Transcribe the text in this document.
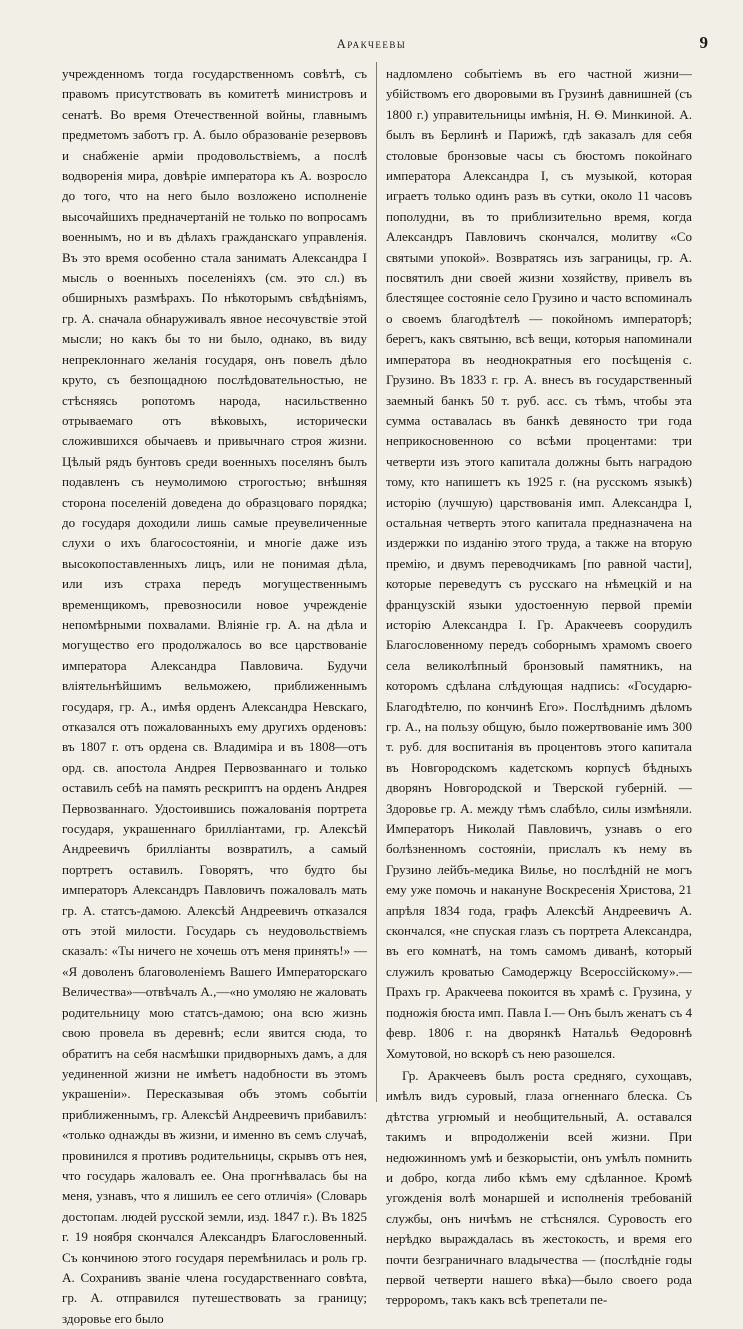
Аракчеевы	9

учрежденномъ тогда государственномъ совѣтѣ, съ правомъ присутствовать въ комитетѣ министровъ и сенатѣ. Во время Отечественной войны, главнымъ предметомъ заботъ гр. А. было образованіе резервовъ и снабженіе арміи продовольствіемъ, а послѣ водворенія мира, довѣріе императора къ А. возросло до того, что на него было возложено исполненіе высочайшихъ предначертаній не только по вопросамъ военнымъ, но и въ дѣлахъ гражданскаго управленія. Въ это время особенно стала занимать Александра I мысль о военныхъ поселеніяхъ (см. это сл.) въ обширныхъ размѣрахъ. По нѣкоторымъ свѣдѣніямъ, гр. А. сначала обнаруживалъ явное несочувствіе этой мысли; но какъ бы то ни было, однако, въ виду непреклоннаго желанія государя, онъ повелъ дѣло круто, съ безпощадною послѣдовательностью, не стѣсняясь ропотомъ народа, насильственно отрываемаго отъ вѣковыхъ, исторически сложившихся обычаевъ и привычнаго строя жизни. Цѣлый рядъ бунтовъ среди военныхъ поселянъ былъ подавленъ съ неумолимою строгостью; внѣшняя сторона поселеній доведена до образцоваго порядка; до государя доходили лишь самые преувеличенные слухи о ихъ благосостояніи, и многіе даже изъ высокопоставленныхъ лицъ, или не понимая дѣла, или изъ страха передъ могущественнымъ временщикомъ, превозносили новое учрежденіе непомѣрными похвалами. Вліяніе гр. А. на дѣла и могущество его продолжалось во все царствованіе императора Александра Павловича. Будучи вліятельнѣйшимъ вельможею, приближеннымъ государя, гр. А., имѣя орденъ Александра Невскаго, отказался отъ пожалованныхъ ему другихъ орденовъ: въ 1807 г. отъ ордена св. Владиміра и въ 1808—отъ орд. св. апостола Андрея Первозваннаго и только оставилъ себѣ на память рескриптъ на орденъ Андрея Первозваннаго. Удостоившись пожалованія портрета государя, украшеннаго брилліантами, гр. Алексѣй Андреевичъ брилліанты возвратилъ, а самый портретъ оставилъ. Говорятъ, что будто бы императоръ Александръ Павловичъ пожаловалъ мать гр. А. статсъ-дамою. Алексѣй Андреевичъ отказался отъ этой милости. Государь съ неудовольствіемъ сказалъ: «Ты ничего не хочешь отъ меня принять!» — «Я доволенъ благоволеніемъ Вашего Императорскаго Величества»—отвѣчалъ А.,—«но умоляю не жаловать родительницу мою статсъ-дамою; она всю жизнь свою провела въ деревнѣ; если явится сюда, то обратитъ на себя насмѣшки придворныхъ дамъ, а для уединенной жизни не имѣетъ надобности въ этомъ украшеніи». Пересказывая объ этомъ событіи приближеннымъ, гр. Алексѣй Андреевичъ прибавилъ: «только однажды въ жизни, и именно въ семъ случаѣ, провинился я противъ родительницы, скрывъ отъ нея, что государь жаловалъ ее. Она прогнѣвалась бы на меня, узнавъ, что я лишилъ ее сего отличія» (Словарь достопам. людей русской земли, изд. 1847 г.). Въ 1825 г. 19 ноября скончался Александръ Благословенный. Съ кончиною этого государя перемѣнилась и роль гр. А. Сохранивъ званіе члена государственнаго совѣта, гр. А. отправился путешествовать за границу; здоровье его было

надломлено событіемъ въ его частной жизни—убійствомъ его дворовыми въ Грузинѣ давнишней (съ 1800 г.) управительницы имѣнія, Н. Ѳ. Минкиной. А. былъ въ Берлинѣ и Парижѣ, гдѣ заказалъ для себя столовые бронзовые часы съ бюстомъ покойнаго императора Александра I, съ музыкой, которая играетъ только одинъ разъ въ сутки, около 11 часовъ пополудни, въ то приблизительно время, когда Александръ Павловичъ скончался, молитву «Со святыми упокой». Возвратясь изъ заграницы, гр. А. посвятилъ дни своей жизни хозяйству, привелъ въ блестящее состояніе село Грузино и часто вспоминалъ о своемъ благодѣтелѣ — покойномъ императорѣ; берегъ, какъ святыню, всѣ вещи, которыя напоминали императора въ неоднократныя его посѣщенія с. Грузино. Въ 1833 г. гр. А. внесъ въ государственный заемный банкъ 50 т. руб. асс. съ тѣмъ, чтобы эта сумма оставалась въ банкѣ девяносто три года неприкосновенною со всѣми процентами: три четверти изъ этого капитала должны быть наградою тому, кто напишетъ къ 1925 г. (на русскомъ языкѣ) исторію (лучшую) царствованія имп. Александра I, остальная четверть этого капитала предназначена на издержки по изданію этого труда, а также на вторую премію, и двумъ переводчикамъ [по равной части], которые переведутъ съ русскаго на нѣмецкій и на французскій языки удостоенную первой преміи исторію Александра I. Гр. Аракчеевъ соорудилъ Благословенному передъ соборнымъ храмомъ своего села великолѣпный бронзовый памятникъ, на которомъ сдѣлана слѣдующая надпись: «Государю-Благодѣтелю, по кончинѣ Его». Послѣднимъ дѣломъ гр. А., на пользу общую, было пожертвованіе имъ 300 т. руб. для воспитанія въ процентовъ этого капитала въ Новгородскомъ кадетскомъ корпусѣ бѣдныхъ дворянъ Новгородской и Тверской губерній. — Здоровье гр. А. между тѣмъ слабѣло, силы измѣняли. Императоръ Николай Павловичъ, узнавъ о его болѣзненномъ состояніи, прислалъ къ нему въ Грузино лейбъ-медика Вилье, но послѣдній не могъ ему уже помочь и накануне Воскресенія Христова, 21 апрѣля 1834 года, графъ Алексѣй Андреевичъ А. скончался, «не спуская глазъ съ портрета Александра, въ его комнатѣ, на томъ самомъ диванѣ, который служилъ кроватью Самодержцу Всероссійскому».—Прахъ гр. Аракчеева покоится въ храмѣ с. Грузина, у подножія бюста имп. Павла I.— Онъ былъ женатъ съ 4 февр. 1806 г. на дворянкѣ Натальѣ Ѳедоровнѣ Хомутовой, но вскорѣ съ нею разошелся.

Гр. Аракчеевъ былъ роста средняго, сухощавъ, имѣлъ видъ суровый, глаза огненнаго блеска. Съ дѣтства угрюмый и необщительный, А. оставался такимъ и впродолженіи всей жизни. При недюжинномъ умѣ и безкорыстіи, онъ умѣлъ помнить и добро, когда либо кѣмъ ему сдѣланное. Кромѣ угожденія волѣ монаршей и исполненія требованій службы, онъ ничѣмъ не стѣснялся. Суровость его нерѣдко выраждалась въ жестокость, и время его почти безграничнаго владычества — (послѣдніе годы первой четверти нашего вѣка)—было своего рода терроромъ, такъ какъ всѣ трепетали пе-
